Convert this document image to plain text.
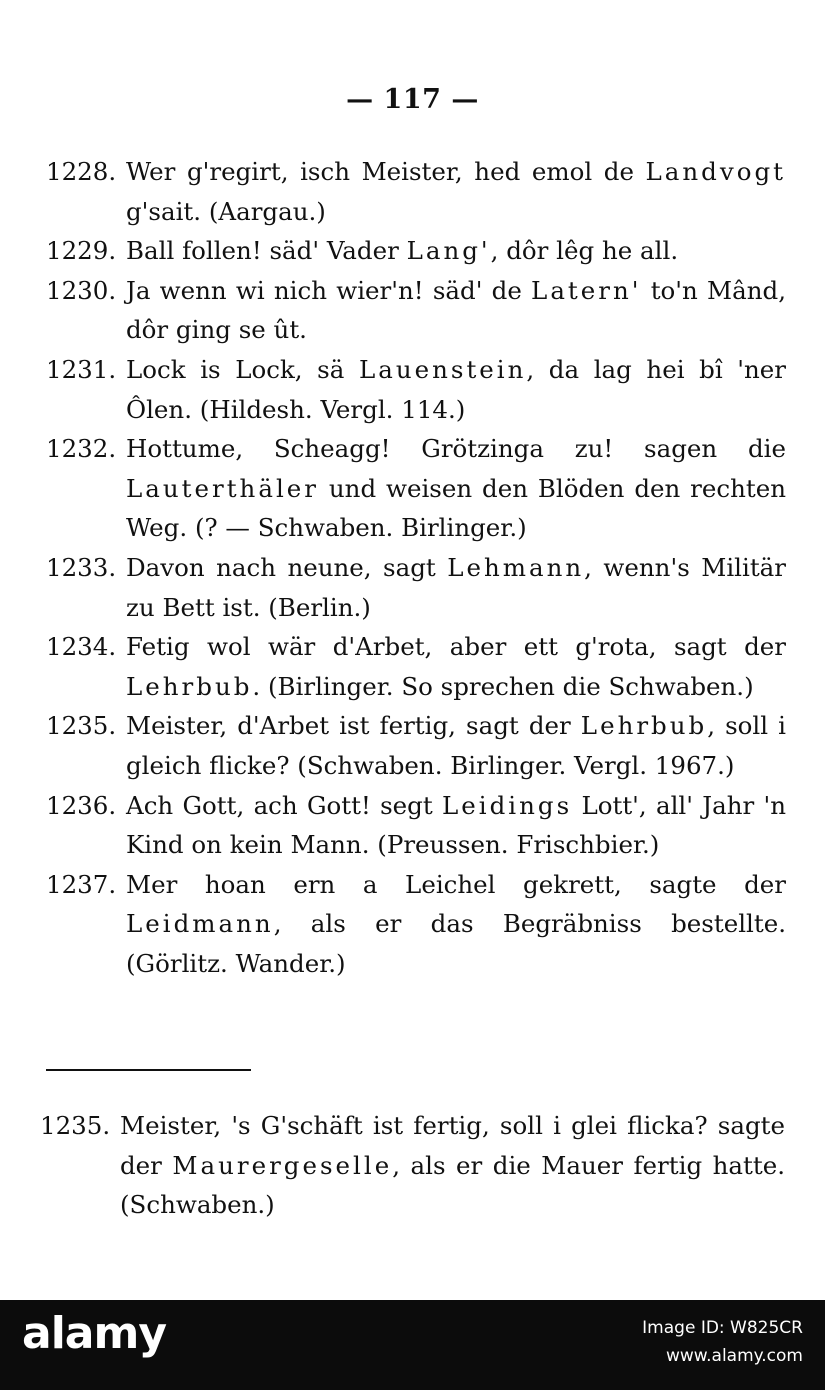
— 117 —
1228. Wer g'regirt, isch Meister, hed emol de Landvogt g'sait. (Aargau.)
1229. Ball follen! säd' Vader Lang', dôr lêg he all.
1230. Ja wenn wi nich wier'n! säd' de Latern' to'n Mând, dôr ging se ût.
1231. Lock is Lock, sä Lauenstein, da lag hei bî 'ner Ôlen. (Hildesh. Vergl. 114.)
1232. Hottume, Scheagg! Grötzinga zu! sagen die Lauterthäler und weisen den Blöden den rechten Weg. (? — Schwaben. Birlinger.)
1233. Davon nach neune, sagt Lehmann, wenn's Militär zu Bett ist. (Berlin.)
1234. Fetig wol wär d'Arbet, aber ett g'rota, sagt der Lehrbub. (Birlinger. So sprechen die Schwaben.)
1235. Meister, d'Arbet ist fertig, sagt der Lehrbub, soll i gleich flicke? (Schwaben. Birlinger. Vergl. 1967.)
1236. Ach Gott, ach Gott! segt Leidings Lott', all' Jahr 'n Kind on kein Mann. (Preussen. Frischbier.)
1237. Mer hoan ern a Leichel gekrett, sagte der Leidmann, als er das Begräbniss bestellte. (Görlitz. Wander.)
1235. Meister, 's G'schäft ist fertig, soll i glei flicka? sagte der Maurergeselle, als er die Mauer fertig hatte. (Schwaben.)
alamy	Image ID: W825CR
www.alamy.com
